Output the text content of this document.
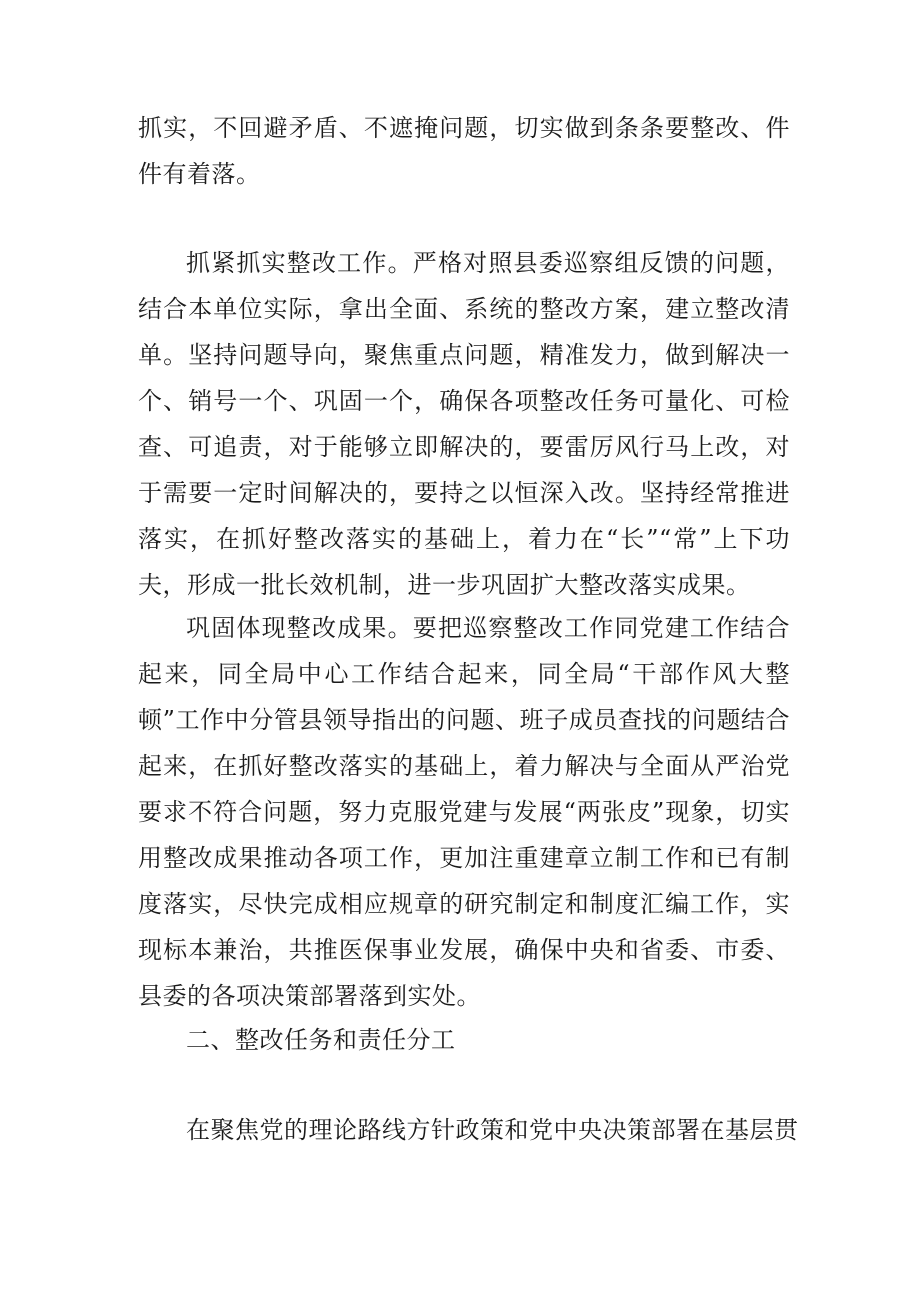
抓实，不回避矛盾、不遮掩问题，切实做到条条要整改、件件有着落。

抓紧抓实整改工作。严格对照县委巡察组反馈的问题，结合本单位实际，拿出全面、系统的整改方案，建立整改清单。坚持问题导向，聚焦重点问题，精准发力，做到解决一个、销号一个、巩固一个，确保各项整改任务可量化、可检查、可追责，对于能够立即解决的，要雷厉风行马上改，对于需要一定时间解决的，要持之以恒深入改。坚持经常推进落实，在抓好整改落实的基础上，着力在“长”“常”上下功夫，形成一批长效机制，进一步巩固扩大整改落实成果。

巩固体现整改成果。要把巡察整改工作同党建工作结合起来，同全局中心工作结合起来，同全局“干部作风大整顿”工作中分管县领导指出的问题、班子成员查找的问题结合起来，在抓好整改落实的基础上，着力解决与全面从严治党要求不符合问题，努力克服党建与发展“两张皮”现象，切实用整改成果推动各项工作，更加注重建章立制工作和已有制度落实，尽快完成相应规章的研究制定和制度汇编工作，实现标本兼治，共推医保事业发展，确保中央和省委、市委、县委的各项决策部署落到实处。

二、整改任务和责任分工

在聚焦党的理论路线方针政策和党中央决策部署在基层贯
